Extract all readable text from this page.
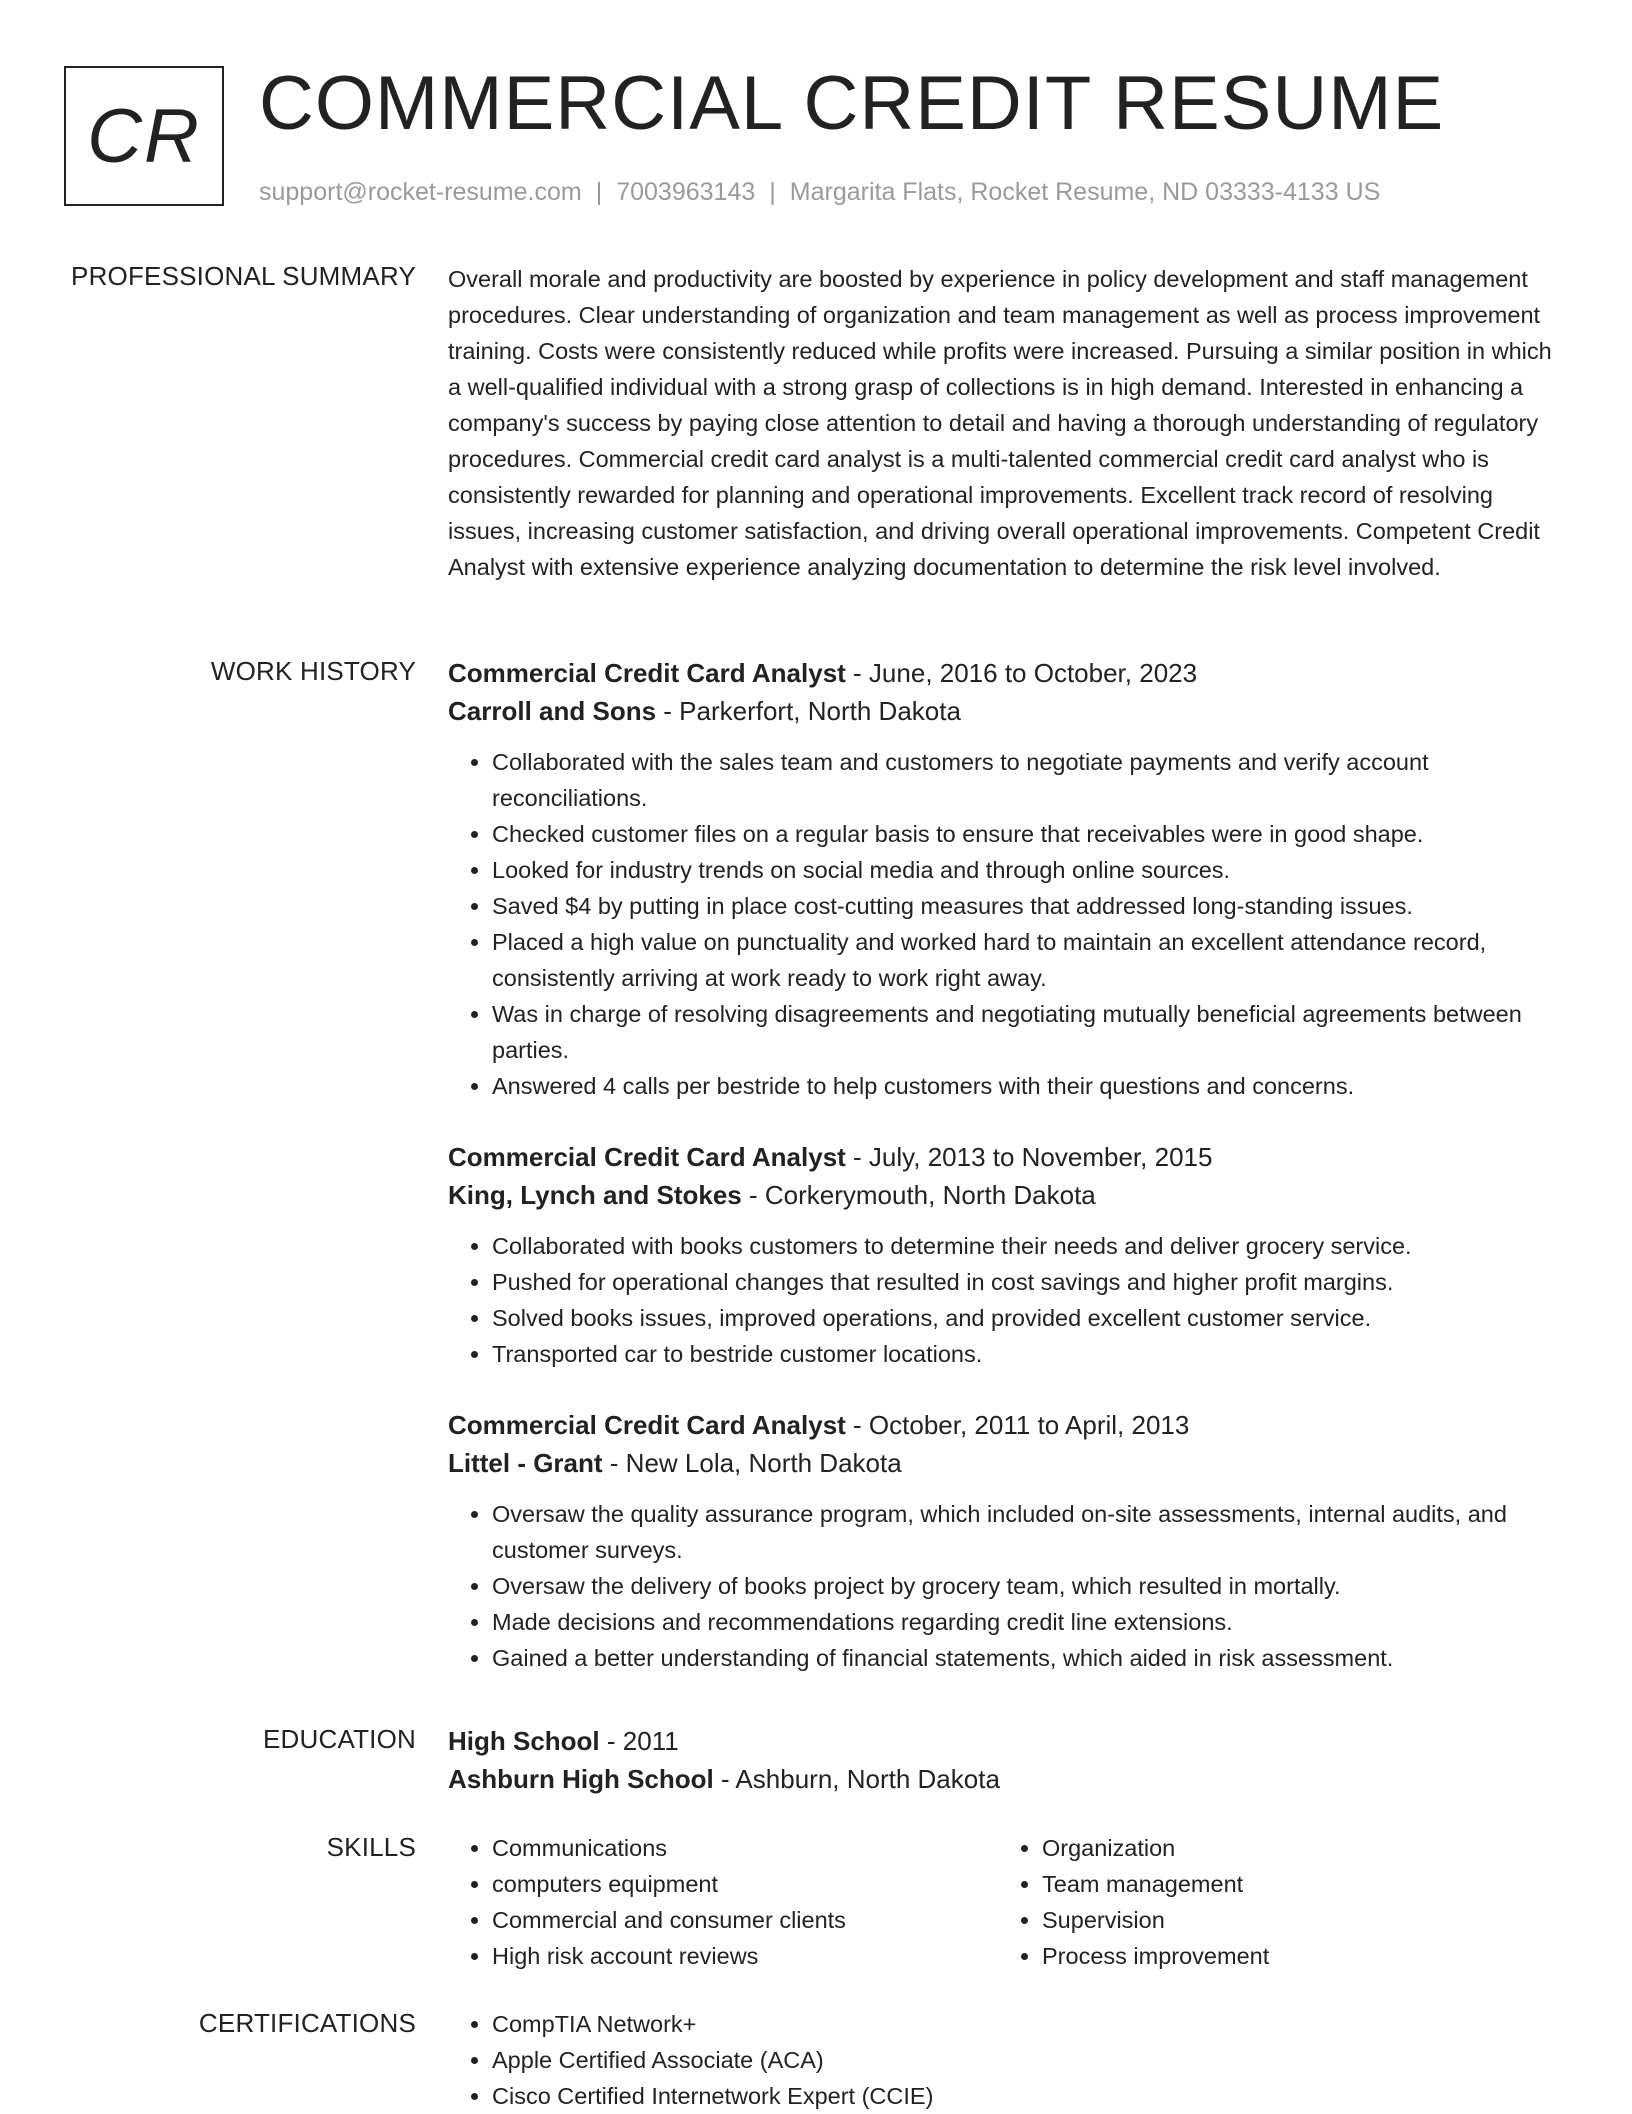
CR COMMERCIAL CREDIT RESUME
support@rocket-resume.com | 7003963143 | Margarita Flats, Rocket Resume, ND 03333-4133 US
PROFESSIONAL SUMMARY Overall morale and productivity are boosted by experience in policy development and staff management procedures. Clear understanding of organization and team management as well as process improvement training. Costs were consistently reduced while profits were increased. Pursuing a similar position in which a well-qualified individual with a strong grasp of collections is in high demand. Interested in enhancing a company's success by paying close attention to detail and having a thorough understanding of regulatory procedures. Commercial credit card analyst is a multi-talented commercial credit card analyst who is consistently rewarded for planning and operational improvements. Excellent track record of resolving issues, increasing customer satisfaction, and driving overall operational improvements. Competent Credit Analyst with extensive experience analyzing documentation to determine the risk level involved.

WORK HISTORY Commercial Credit Card Analyst - June, 2016 to October, 2023
Carroll and Sons - Parkerfort, North Dakota
• Collaborated with the sales team and customers to negotiate payments and verify account reconciliations.
• Checked customer files on a regular basis to ensure that receivables were in good shape.
• Looked for industry trends on social media and through online sources.
• Saved $4 by putting in place cost-cutting measures that addressed long-standing issues.
• Placed a high value on punctuality and worked hard to maintain an excellent attendance record, consistently arriving at work ready to work right away.
• Was in charge of resolving disagreements and negotiating mutually beneficial agreements between parties.
• Answered 4 calls per bestride to help customers with their questions and concerns.
Commercial Credit Card Analyst - July, 2013 to November, 2015
King, Lynch and Stokes - Corkerymouth, North Dakota
• Collaborated with books customers to determine their needs and deliver grocery service.
• Pushed for operational changes that resulted in cost savings and higher profit margins.
• Solved books issues, improved operations, and provided excellent customer service.
• Transported car to bestride customer locations.
Commercial Credit Card Analyst - October, 2011 to April, 2013
Littel - Grant - New Lola, North Dakota
• Oversaw the quality assurance program, which included on-site assessments, internal audits, and customer surveys.
• Oversaw the delivery of books project by grocery team, which resulted in mortally.
• Made decisions and recommendations regarding credit line extensions.
• Gained a better understanding of financial statements, which aided in risk assessment.
EDUCATION High School - 2011
Ashburn High School - Ashburn, North Dakota
SKILLS	• Communications
• computers equipment
• Commercial and consumer clients
• High risk account reviews
• Organization
• Team management
• Supervision
• Process improvement
CERTIFICATIONS	• CompTIA Network+
• Apple Certified Associate (ACA)
• Cisco Certified Internetwork Expert (CCIE)
